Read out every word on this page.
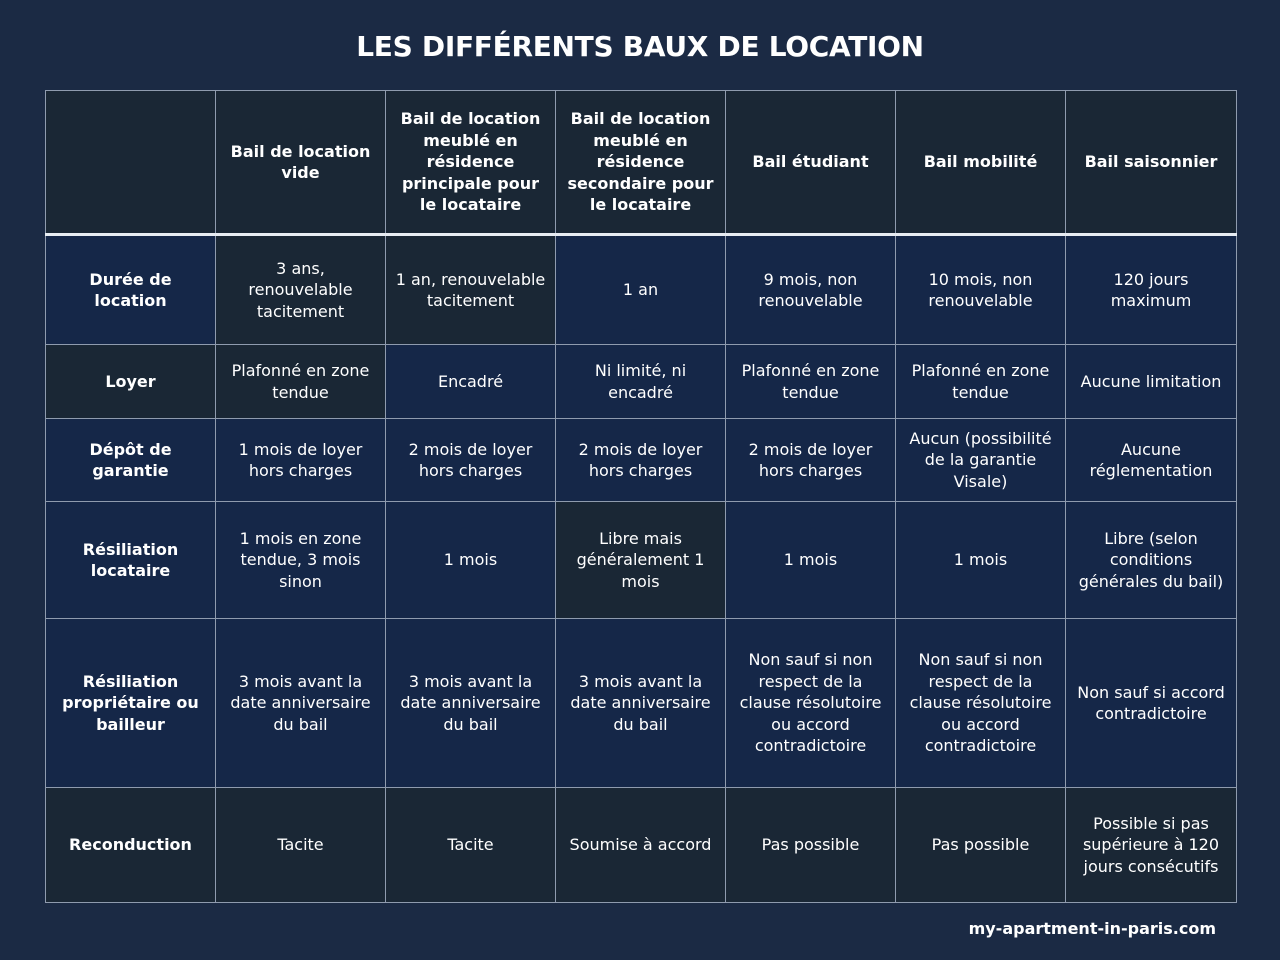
LES DIFFÉRENTS BAUX DE LOCATION
	Bail de location vide	Bail de location meublé en résidence principale pour le locataire	Bail de location meublé en résidence secondaire pour le locataire	Bail étudiant	Bail mobilité	Bail saisonnier
Durée de location	3 ans, renouvelable tacitement	1 an, renouvelable tacitement	1 an	9 mois, non renouvelable	10 mois, non renouvelable	120 jours maximum
Loyer	Plafonné en zone tendue	Encadré	Ni limité, ni encadré	Plafonné en zone tendue	Plafonné en zone tendue	Aucune limitation
Dépôt de garantie	1 mois de loyer hors charges	2 mois de loyer hors charges	2 mois de loyer hors charges	2 mois de loyer hors charges	Aucun (possibilité de la garantie Visale)	Aucune réglementation
Résiliation locataire	1 mois en zone tendue, 3 mois sinon	1 mois	Libre mais généralement 1 mois	1 mois	1 mois	Libre (selon conditions générales du bail)
Résiliation propriétaire ou bailleur	3 mois avant la date anniversaire du bail	3 mois avant la date anniversaire du bail	3 mois avant la date anniversaire du bail	Non sauf si non respect de la clause résolutoire ou accord contradictoire	Non sauf si non respect de la clause résolutoire ou accord contradictoire	Non sauf si accord contradictoire
Reconduction	Tacite	Tacite	Soumise à accord	Pas possible	Pas possible	Possible si pas supérieure à 120 jours consécutifs
my-apartment-in-paris.com
